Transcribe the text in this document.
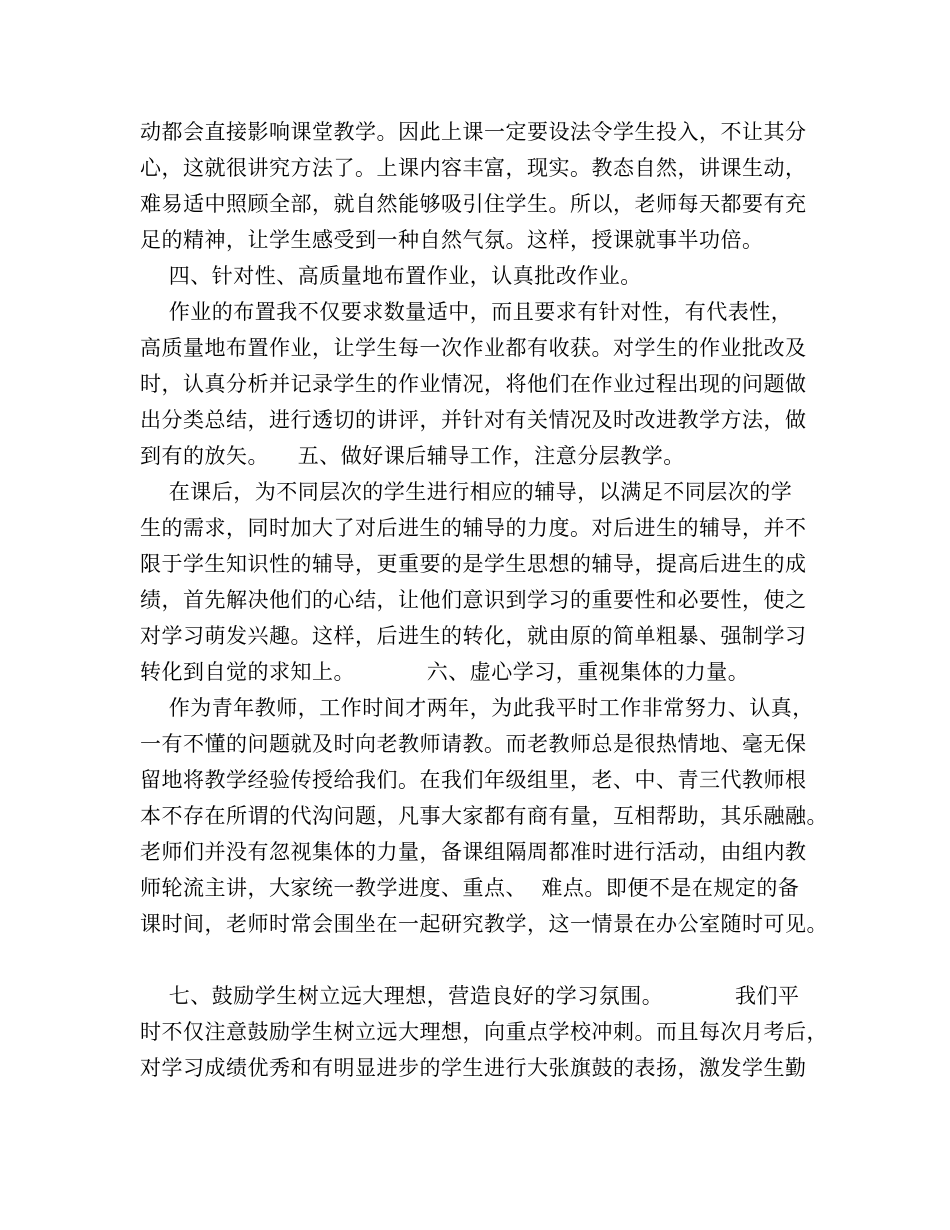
动都会直接影响课堂教学。因此上课一定要设法令学生投入，不让其分
心，这就很讲究方法了。上课内容丰富，现实。教态自然，讲课生动，
难易适中照顾全部，就自然能够吸引住学生。所以，老师每天都要有充
足的精神，让学生感受到一种自然气氛。这样，授课就事半功倍。
四、针对性、高质量地布置作业，认真批改作业。
作业的布置我不仅要求数量适中，而且要求有针对性，有代表性，
高质量地布置作业，让学生每一次作业都有收获。对学生的作业批改及
时，认真分析并记录学生的作业情况，将他们在作业过程出现的问题做
出分类总结，进行透切的讲评，并针对有关情况及时改进教学方法，做
到有的放矢。    五、做好课后辅导工作，注意分层教学。
在课后，为不同层次的学生进行相应的辅导，以满足不同层次的学
生的需求，同时加大了对后进生的辅导的力度。对后进生的辅导，并不
限于学生知识性的辅导，更重要的是学生思想的辅导，提高后进生的成
绩，首先解决他们的心结，让他们意识到学习的重要性和必要性，使之
对学习萌发兴趣。这样，后进生的转化，就由原的简单粗暴、强制学习
转化到自觉的求知上。          六、虚心学习，重视集体的力量。
作为青年教师，工作时间才两年，为此我平时工作非常努力、认真，
一有不懂的问题就及时向老教师请教。而老教师总是很热情地、毫无保
留地将教学经验传授给我们。在我们年级组里，老、中、青三代教师根
本不存在所谓的代沟问题，凡事大家都有商有量，互相帮助，其乐融融。
老师们并没有忽视集体的力量，备课组隔周都准时进行活动，由组内教
师轮流主讲，大家统一教学进度、重点、  难点。即便不是在规定的备
课时间，老师时常会围坐在一起研究教学，这一情景在办公室随时可见。
七、鼓励学生树立远大理想，营造良好的学习氛围。          我们平
时不仅注意鼓励学生树立远大理想，向重点学校冲刺。而且每次月考后，
对学习成绩优秀和有明显进步的学生进行大张旗鼓的表扬，激发学生勤
